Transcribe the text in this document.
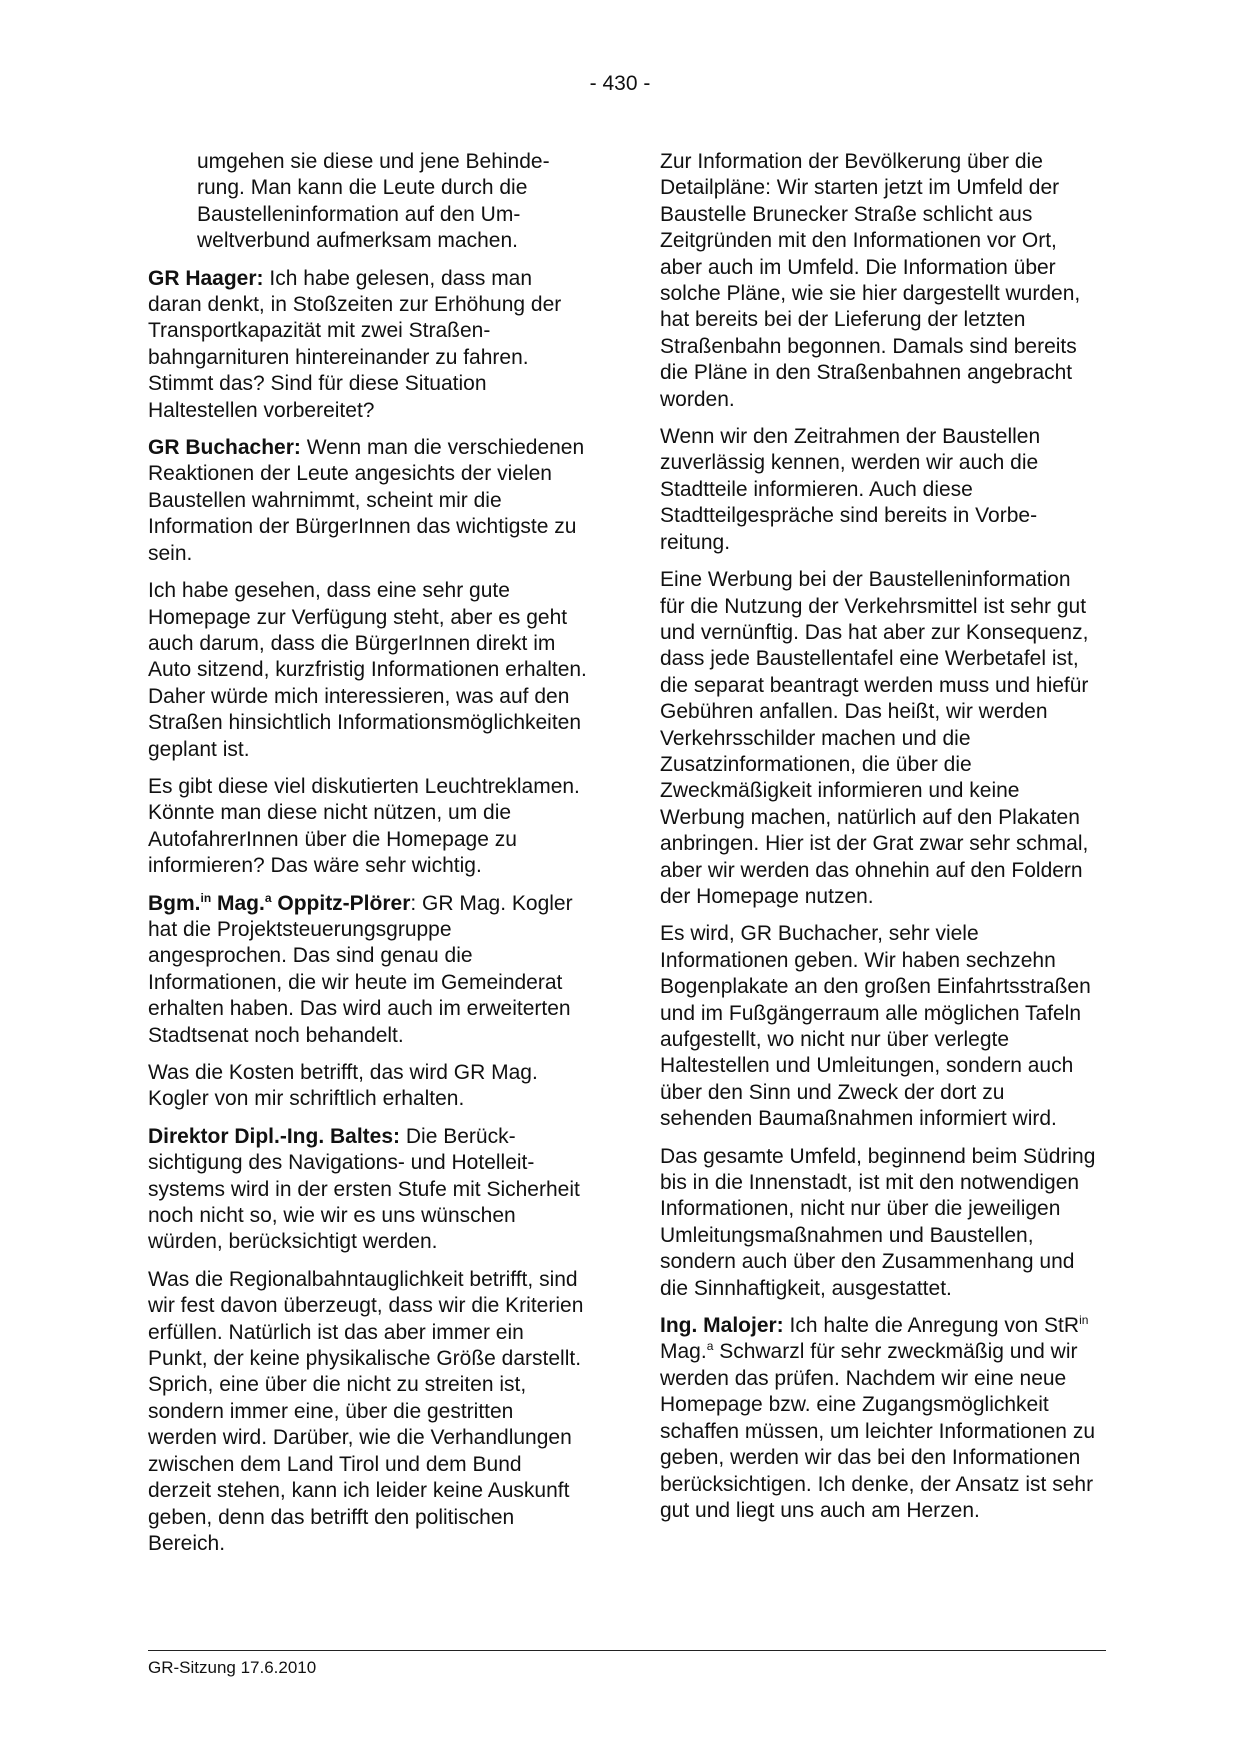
- 430 -

umgehen sie diese und jene Behinderung. Man kann die Leute durch die Baustelleninformation auf den Umweltverbund aufmerksam machen.

GR Haager: Ich habe gelesen, dass man daran denkt, in Stoßzeiten zur Erhöhung der Transportkapazität mit zwei Straßenbahngarnituren hintereinander zu fahren. Stimmt das? Sind für diese Situation Haltestellen vorbereitet?

GR Buchacher: Wenn man die verschiedenen Reaktionen der Leute angesichts der vielen Baustellen wahrnimmt, scheint mir die Information der BürgerInnen das wichtigste zu sein.

Ich habe gesehen, dass eine sehr gute Homepage zur Verfügung steht, aber es geht auch darum, dass die BürgerInnen direkt im Auto sitzend, kurzfristig Informationen erhalten. Daher würde mich interessieren, was auf den Straßen hinsichtlich Informationsmöglichkeiten geplant ist.

Es gibt diese viel diskutierten Leuchtreklamen. Könnte man diese nicht nützen, um die AutofahrerInnen über die Homepage zu informieren? Das wäre sehr wichtig.

Bgm.$^{in}$ Mag.$^a$ Oppitz-Plörer: GR Mag. Kogler hat die Projektsteuerungsgruppe angesprochen. Das sind genau die Informationen, die wir heute im Gemeinderat erhalten haben. Das wird auch im erweiterten Stadtsenat noch behandelt.

Was die Kosten betrifft, das wird GR Mag. Kogler von mir schriftlich erhalten.

Direktor Dipl.-Ing. Baltes: Die Berücksichtigung des Navigations- und Hotelleitsystems wird in der ersten Stufe mit Sicherheit noch nicht so, wie wir es uns wünschen würden, berücksichtigt werden.

Was die Regionalbahntauglichkeit betrifft, sind wir fest davon überzeugt, dass wir die Kriterien erfüllen. Natürlich ist das aber immer ein Punkt, der keine physikalische Größe darstellt. Sprich, eine über die nicht zu streiten ist, sondern immer eine, über die gestritten werden wird. Darüber, wie die Verhandlungen zwischen dem Land Tirol und dem Bund derzeit stehen, kann ich leider keine Auskunft geben, denn das betrifft den politischen Bereich.

Zur Information der Bevölkerung über die Detailpläne: Wir starten jetzt im Umfeld der Baustelle Brunecker Straße schlicht aus Zeitgründen mit den Informationen vor Ort, aber auch im Umfeld. Die Information über solche Pläne, wie sie hier dargestellt wurden, hat bereits bei der Lieferung der letzten Straßenbahn begonnen. Damals sind bereits die Pläne in den Straßenbahnen angebracht worden.

Wenn wir den Zeitrahmen der Baustellen zuverlässig kennen, werden wir auch die Stadtteile informieren. Auch diese Stadtteilgespräche sind bereits in Vorbereitung.

Eine Werbung bei der Baustelleninformation für die Nutzung der Verkehrsmittel ist sehr gut und vernünftig. Das hat aber zur Konsequenz, dass jede Baustellentafel eine Werbetafel ist, die separat beantragt werden muss und hiefür Gebühren anfallen. Das heißt, wir werden Verkehrsschilder machen und die Zusatzinformationen, die über die Zweckmäßigkeit informieren und keine Werbung machen, natürlich auf den Plakaten anbringen. Hier ist der Grat zwar sehr schmal, aber wir werden das ohnehin auf den Foldern der Homepage nutzen.

Es wird, GR Buchacher, sehr viele Informationen geben. Wir haben sechzehn Bogenplakate an den großen Einfahrtsstraßen und im Fußgängerraum alle möglichen Tafeln aufgestellt, wo nicht nur über verlegte Haltestellen und Umleitungen, sondern auch über den Sinn und Zweck der dort zu sehenden Baumaßnahmen informiert wird.

Das gesamte Umfeld, beginnend beim Südring bis in die Innenstadt, ist mit den notwendigen Informationen, nicht nur über die jeweiligen Umleitungsmaßnahmen und Baustellen, sondern auch über den Zusammenhang und die Sinnhaftigkeit, ausgestattet.

Ing. Malojer: Ich halte die Anregung von StR$^{in}$ Mag.$^a$ Schwarzl für sehr zweckmäßig und wir werden das prüfen. Nachdem wir eine neue Homepage bzw. eine Zugangsmöglichkeit schaffen müssen, um leichter Informationen zu geben, werden wir das bei den Informationen berücksichtigen. Ich denke, der Ansatz ist sehr gut und liegt uns auch am Herzen.

GR-Sitzung 17.6.2010
